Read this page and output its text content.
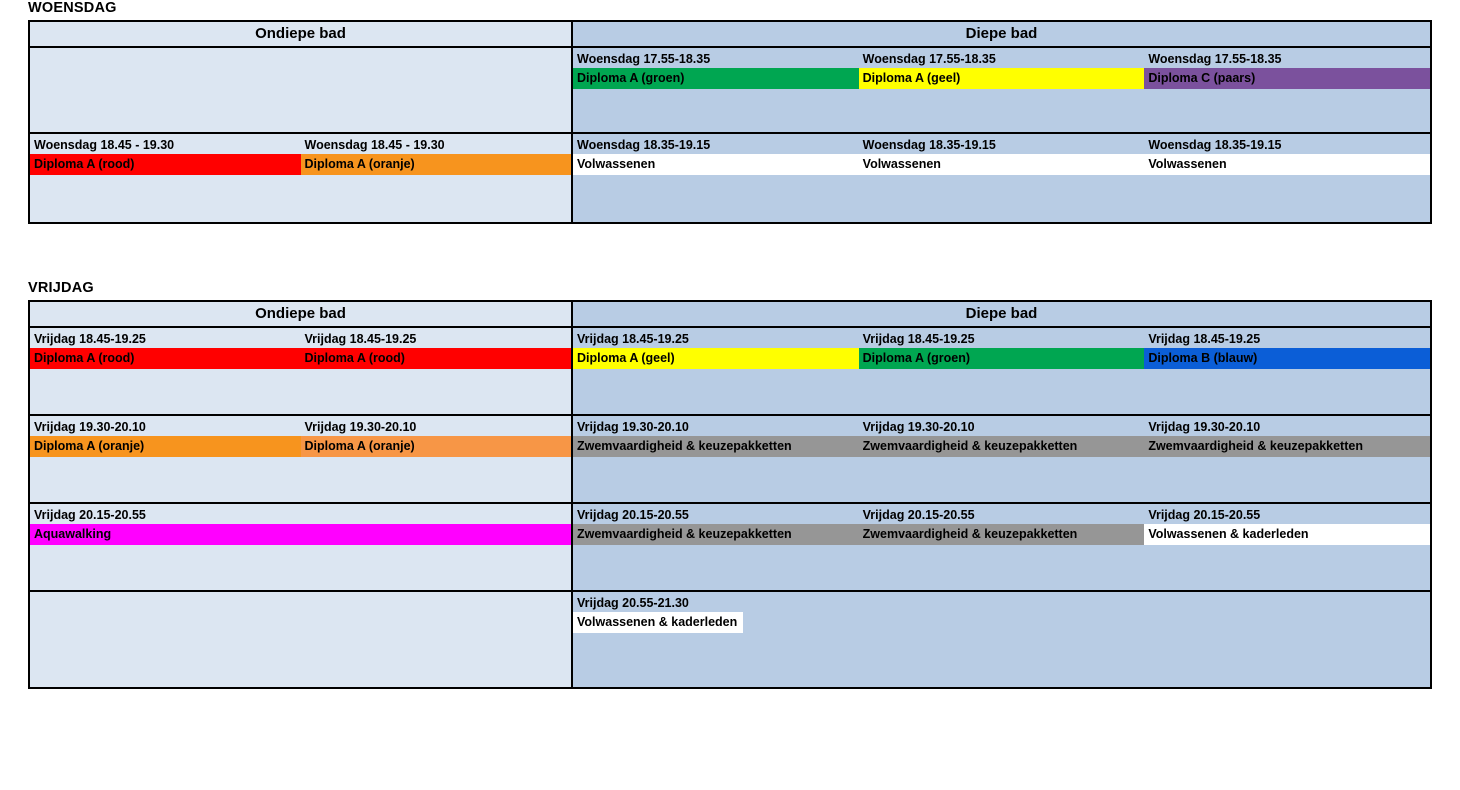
WOENSDAG
Ondiepe bad	Diepe bad
Woensdag 17.55-18.35
Diploma A (groen)
Woensdag 17.55-18.35
Diploma A (geel)
Woensdag 17.55-18.35
Diploma C (paars)
Woensdag 18.45 - 19.30
Diploma A (rood)
Woensdag 18.45 - 19.30
Diploma A (oranje)
Woensdag 18.35-19.15
Volwassenen
Woensdag 18.35-19.15
Volwassenen
Woensdag 18.35-19.15
Volwassenen
VRIJDAG
Ondiepe bad	Diepe bad
Vrijdag 18.45-19.25
Diploma A (rood)
Vrijdag 18.45-19.25
Diploma A (rood)
Vrijdag 18.45-19.25
Diploma A (geel)
Vrijdag 18.45-19.25
Diploma A (groen)
Vrijdag 18.45-19.25
Diploma B (blauw)
Vrijdag 19.30-20.10
Diploma A (oranje)
Vrijdag 19.30-20.10
Diploma A (oranje)
Vrijdag 19.30-20.10
Zwemvaardigheid & keuzepakketten
Vrijdag 19.30-20.10
Zwemvaardigheid & keuzepakketten
Vrijdag 19.30-20.10
Zwemvaardigheid & keuzepakketten
Vrijdag 20.15-20.55
Aquawalking
Vrijdag 20.15-20.55
Zwemvaardigheid & keuzepakketten
Vrijdag 20.15-20.55
Zwemvaardigheid & keuzepakketten
Vrijdag 20.15-20.55
Volwassenen & kaderleden
Vrijdag 20.55-21.30
Volwassenen & kaderleden
